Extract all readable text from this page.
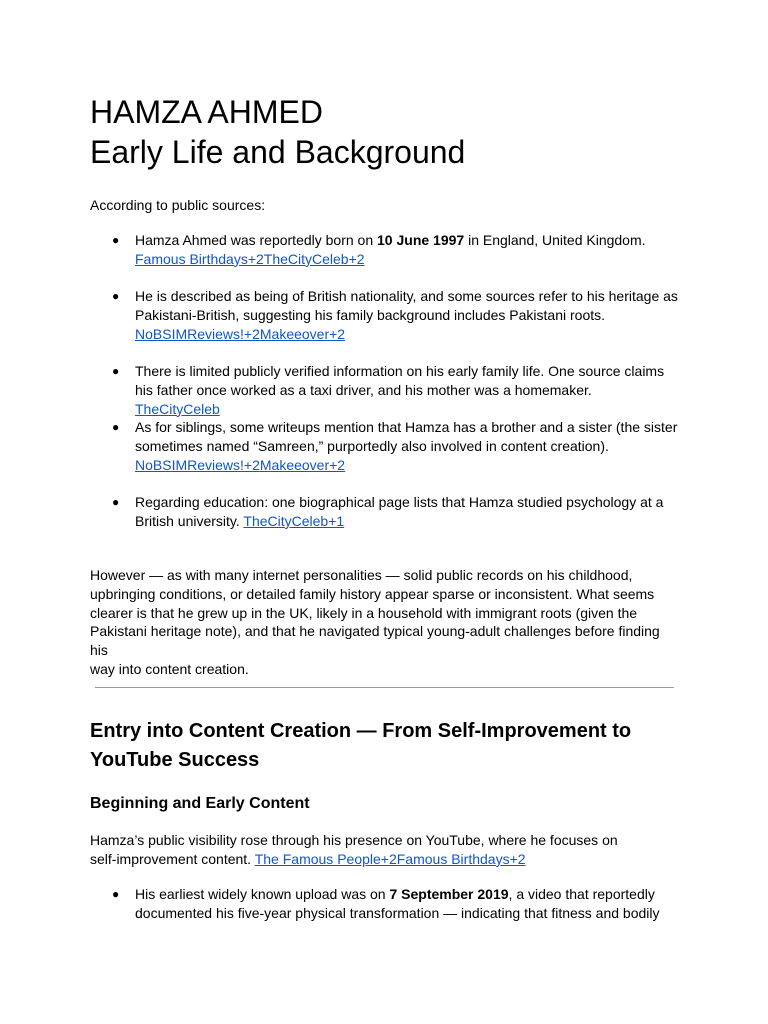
HAMZA AHMED
Early Life and Background

According to public sources:

● Hamza Ahmed was reportedly born on 10 June 1997 in England, United Kingdom.
Famous Birthdays+2TheCityCeleb+2
● He is described as being of British nationality, and some sources refer to his heritage as
Pakistani-British, suggesting his family background includes Pakistani roots.
NoBSIMReviews!+2Makeeover+2
● There is limited publicly verified information on his early family life. One source claims
his father once worked as a taxi driver, and his mother was a homemaker. TheCityCeleb
● As for siblings, some writeups mention that Hamza has a brother and a sister (the sister
sometimes named “Samreen,” purportedly also involved in content creation).
NoBSIMReviews!+2Makeeover+2
● Regarding education: one biographical page lists that Hamza studied psychology at a
British university. TheCityCeleb+1

However — as with many internet personalities — solid public records on his childhood,
upbringing conditions, or detailed family history appear sparse or inconsistent. What seems
clearer is that he grew up in the UK, likely in a household with immigrant roots (given the
Pakistani heritage note), and that he navigated typical young-adult challenges before finding his
way into content creation.

Entry into Content Creation — From Self-Improvement to
YouTube Success
Beginning and Early Content

Hamza’s public visibility rose through his presence on YouTube, where he focuses on
self-improvement content. The Famous People+2Famous Birthdays+2

● His earliest widely known upload was on 7 September 2019, a video that reportedly
documented his five-year physical transformation — indicating that fitness and bodily
